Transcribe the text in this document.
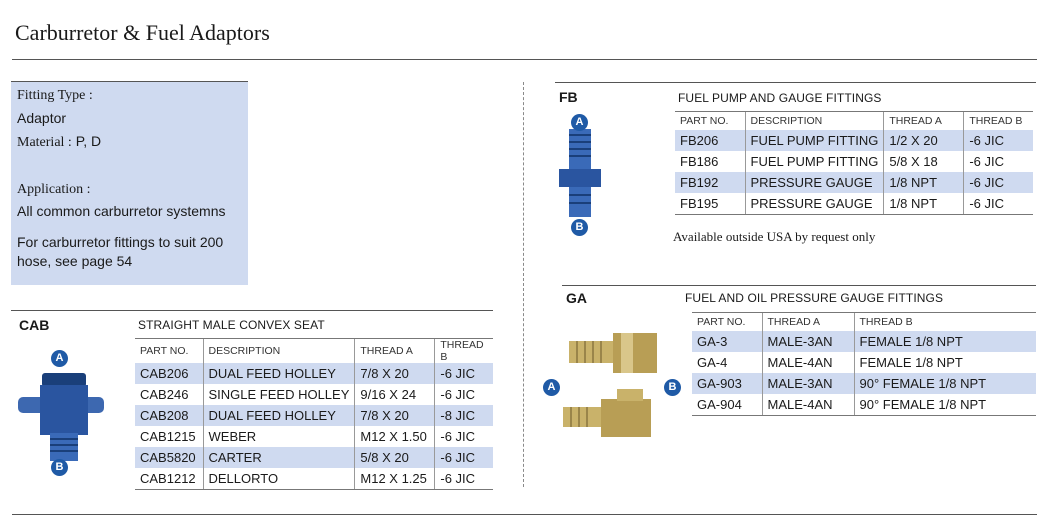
Carburretor & Fuel Adaptors
Fitting Type :
Adaptor
Material : P, D
Application :
All common carburretor systemns
For carburretor fittings to suit 200 hose, see page 54
CAB	STRAIGHT MALE CONVEX SEAT
A
B
PART NO.	DESCRIPTION	THREAD A	THREAD B
CAB206	DUAL FEED HOLLEY	7/8 X 20	-6 JIC
CAB246	SINGLE FEED HOLLEY	9/16 X 24	-6 JIC
CAB208	DUAL FEED HOLLEY	7/8 X 20	-8 JIC
CAB1215	WEBER	M12 X 1.50	-6 JIC
CAB5820	CARTER	5/8 X 20	-6 JIC
CAB1212	DELLORTO	M12 X 1.25	-6 JIC
FB	FUEL PUMP AND GAUGE FITTINGS
A
B
PART NO.	DESCRIPTION	THREAD A	THREAD B
FB206	FUEL PUMP FITTING	1/2 X 20	-6 JIC
FB186	FUEL PUMP FITTING	5/8 X 18	-6 JIC
FB192	PRESSURE GAUGE	1/8 NPT	-6 JIC
FB195	PRESSURE GAUGE	1/8 NPT	-6 JIC
Available outside USA by request only
GA	FUEL AND OIL PRESSURE GAUGE FITTINGS
A	B
PART NO.	THREAD A	THREAD B
GA-3	MALE-3AN	FEMALE 1/8 NPT
GA-4	MALE-4AN	FEMALE 1/8 NPT
GA-903	MALE-3AN	90° FEMALE 1/8 NPT
GA-904	MALE-4AN	90° FEMALE 1/8 NPT
